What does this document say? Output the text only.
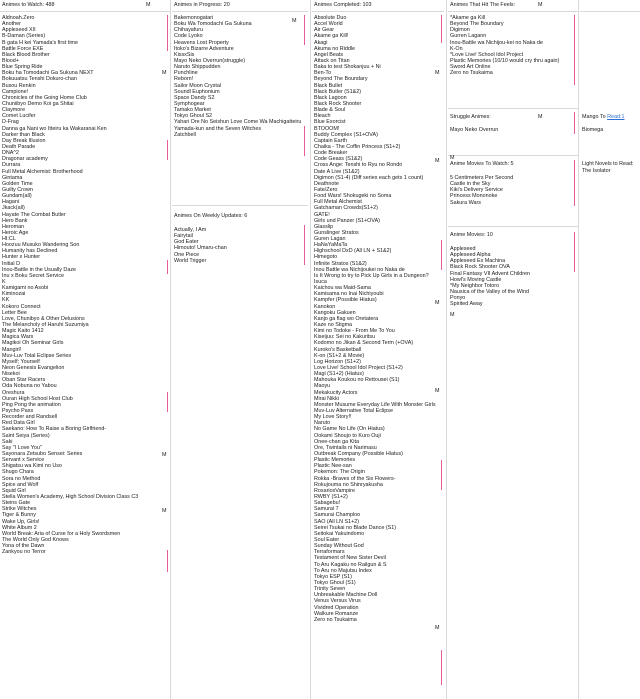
Animes to Watch: 488	M
Aldnoah.Zero
Another
Appleseed XII
B-Daman (Series)
B gata H kei Yamada's first time
Battle Force EXE
Black Blood Brother
Blood+
Blue Spring Ride
Boku ha Tomodachi Ga Sukuna NEXT
Bokuuatsu Tenshi Dokuro-chan
Busou Renkin
Campione!
Chronicles of the Going Home Club
Chuniibyo Demo Koi ga Shitai
Claymore
Comet Lucifer
D-Frag
Danna ga Nani wo Itteiru ka Wakaranai Ken
Darker than Black
Day Break Illusion
Death Parade
DNA^2
Dragonar academy
Durrara
Full Metal Alchemist: Brotherhood
Gintama
Golden Time
Guilty Crown
Gundam(all)
Hagani
Jkack(all)
Hayate The Combat Butler
Hero Bank
Heroman
Heroic Age
HI:CL
Hoozuu Musuko Wandering Son
Humanity has Declined
Hunter x Hunter
Initial D
Inou-Battle in the Usually Daze
Inu x Boku Secret Service
K
Kamigami no Asobi
Kiminozai
KK
Kokoro Connect
Letter Bee
Love, Chunibyo & Other Delusions
The Melancholy of Haruhi Suzumiya
Magic Kaito 1412
Magica Wars
Magikoi Oh Seminar Girls
Mangirl!
Muv-Luv Total Eclipse Series
Myself; Yourself
Neon Genesis Evangelion
Nisekoi
Oban Star Racers
Oda Nobuna no Yabou
Oreshura
Ouran High School Host Club
Ping Pong the animation
Psycho Pass
Recorder and Randsell
Red Data Girl
Saekano: How To Raise a Boring Girlfriend-
Saint Seiya (Series)
Saki
Say "I Love You"
Sayonara Zetsubo Sensei: Series
Servant x Service
Shigatsu wa Kimi no Uso
Shugo Chara
Sora no Method
Spice and Wolf
Squid Girl
Stella Women's Academy, High School Division Class C3
Steins Gate
Strike Witches
Tiger & Bunny
Wake Up, Girls!
White Album 2
World Break: Aria of Curse for a Holy Swordsmen
The World Only God Knows
Yona of the Dawn
Zankyou no Terror
M
M
M
Animes in Progress: 20
Bakemonogatari
Boku Wa Tomodachi Ga Sukuna
Chihayafuru
Code Lyoko
Heavens Lost Property
Itoko's Bizarre Adventure
KissxSis
Mayo Neko Overrun(struggle)
Naruto Shippudden
Punchline
Reborn!
Sailor Moon Crystal
Soundl Euphonium
Space Dandy S2
Symphogear
Tamako Market
Tokyo Ghoul S2
Yahari Ore No Seishun Love Come Wa Machigatteiru
Yamada-kun and the Seven Witches
Zatchbell
M
Animes On Weekly Updates: 6
Actually, I Am
Fairytail
God Eater
Himouto! Umaru-chan
One Piece
World Trigger
Animes Completed: 103
Absolute Duo
Accel World
Air Gear
Akame ga Kill!
Akagi
Akuma no Riddle
Angel Beats
Attack on Titan
Baka to test Shokanjuu + Ni
Ben-To
Beyond The Boundary
Black Bullet
Black Butler (S1&2)
Black Lagoon
Black Rock Shooter
Blade & Soul
Bleach
Blue Exorcist
BTOOOM!
Buddy Complex (S1+OVA)
Captain Earth
Chaika - The Coffin Princess (S1+2)
Code Breaker
Code Geass (S1&2)
Cross Ange: Tenshi to Ryu no Rondo
Date A Live (S1&2)
Digimon (S1-4) (Diff series each gets 1 count)
Deathnote
Fate/Zero
Food Wars! Shokugeki no Soma
Full Metal Alchemist
Gatchaman Crowds(S1+2)
GATE!
Girls und Panzer (S1+OVA)
Glasslip
Gunslinger Stratos
Guren Lagan
HaNaYaMaTa
Highschool DxD (All LN + S1&2)
Himegoto
Infinite Stratos (S1&2)
Inou Battle wa Nichijoukei no Naka de
Is It Wrong to try to Pick Up Girls in a Dungeon?
Isuca
Kaichou wa Maid-Sama
Kamisama no Inai Nichiyoubi
Kampfer (Possible Hiatus)
Kanokon
Kangoku Gakuen
Kanjo ga flag wo Oretatera
Kaze no Stigma
Kimi no Todoke - From Me To You
Kiseijuu: Sei no Kakuritsu
Kodomo no Jikan & Second Term (+OVA)
Kuroko's Basketball
K-on (S1+2 & Movie)
Log Horizon (S1+2)
Love Live! School Idol Project (S1+2)
Magi (S1+2) (Hiatus)
Mahouka Koukou no Rettousei (S1)
Maoyu
Mekakucity Actors
Mirai Nikki
Monster Musume Everyday Life With Monster Girls
Muv-Luv Alternative Total Eclipse
My Love Story!!
Naruto
No Game No Life (On Hiatus)
Ookami Shoujo to Kuro Ouji
Onee-chan ga Kita
Ore, Twintails ni Narimasu
Outbreak Company (Possible Hiatus)
Plastic Memories
Plastic Nee-san
Pokemon: The Origin
Rokka -Braves of the Six Flowers-
Rokujouma no Shinryakusha
RosarioxVampire
RWBY (S1+2)
Sabagebu!
Samurai 7
Samurai Champloo
SAO (All LN S1+2)
Seirei Tsukai no Blade Dance (S1)
Seitokai Yakuindomo
Soul Eater
Sunday Without God
Terraformars
Testament of New Sister Devil
To Aru Kagaku no Railgun & S
To Aru no Majutsu Index
Tokyo ESP (S1)
Tokyo Ghoul (S1)
Trinity Seven
Unbreakable Machine Doll
Venus Versus Virus
Vividred Operation
Walkure Romanze
Zero no Tsukaima
M
M
M
M
M
Animes That Hit The Feels:	M
*Akame ga Kill
Beyond The Boundary
Digimon
Gurren Lagann
Inou-Battle wa Nichijou-kei no Naka de
K-On
*Love Live! School Idol Project
Plastic Memories (10/10 would cry thru again)
Sword Art Online
Zero no Tsukaima
Struggle Animes:	M
Mayo Neko Overrun
Anime Movies To Watch: 5
M
5 Centimeters Per Second
Castle in the Sky
Kiki's Delivery Service
Princess Mononoke
Sakura Wars
Anime Movies: 10
Appleseed
Appleseed Alpha
Appleseed Ex Machina
Black Rock Shooter OVA
Final Fantasy VII Advent Children
Howl's Moving Castle
*My Neighbor Totoro
Nausica of the Valley of the Wind
Ponyo
Spirited Away
M
Mango To Read:1
Biomega
Light Novels to Read:
The Isolator
